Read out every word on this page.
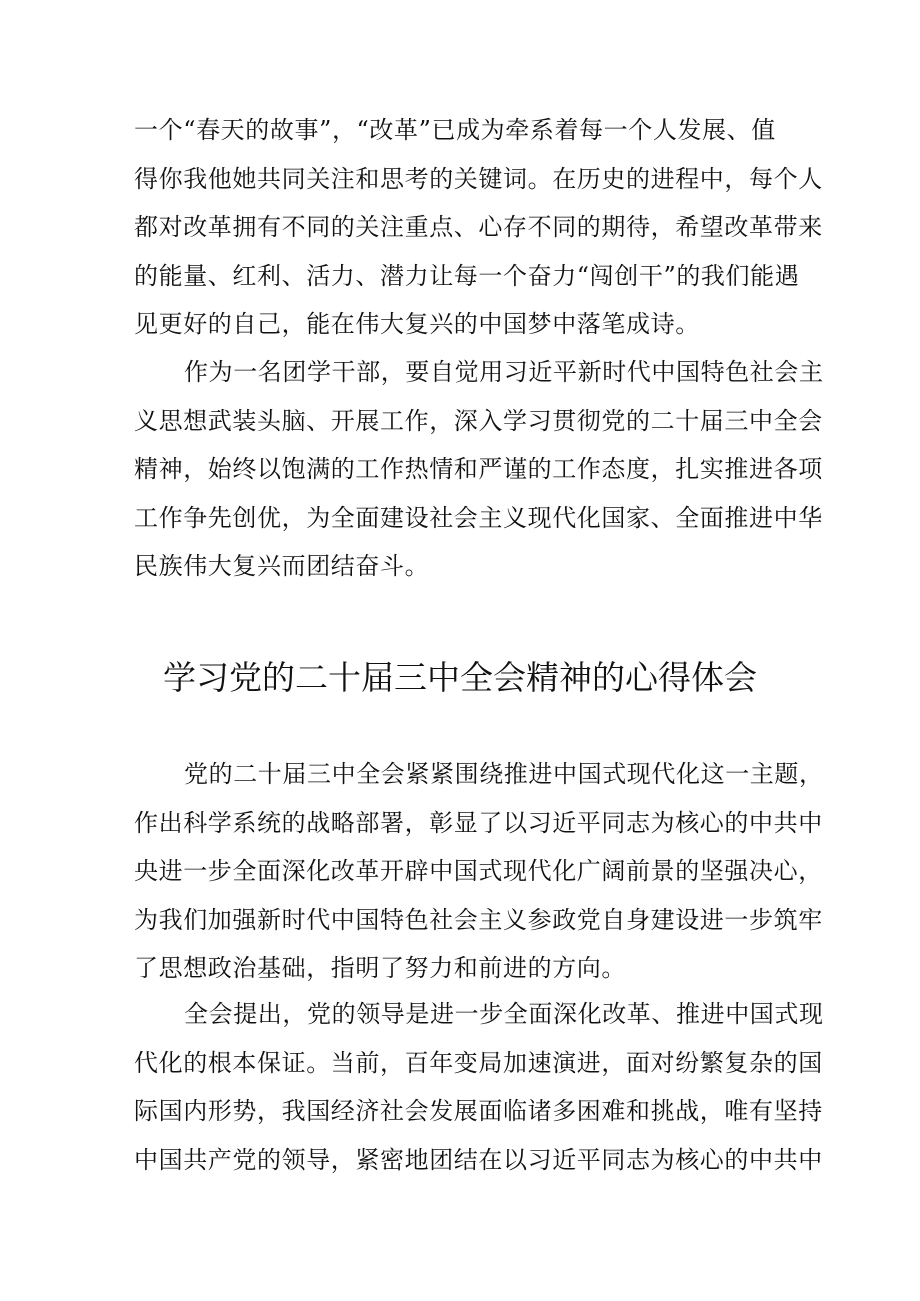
一个“春天的故事”，“改革”已成为牵系着每一个人发展、值
得你我他她共同关注和思考的关键词。在历史的进程中，每个人
都对改革拥有不同的关注重点、心存不同的期待，希望改革带来
的能量、红利、活力、潜力让每一个奋力“闯创干”的我们能遇
见更好的自己，能在伟大复兴的中国梦中落笔成诗。
作为一名团学干部，要自觉用习近平新时代中国特色社会主
义思想武装头脑、开展工作，深入学习贯彻党的二十届三中全会
精神，始终以饱满的工作热情和严谨的工作态度，扎实推进各项
工作争先创优，为全面建设社会主义现代化国家、全面推进中华
民族伟大复兴而团结奋斗。
学习党的二十届三中全会精神的心得体会
党的二十届三中全会紧紧围绕推进中国式现代化这一主题，
作出科学系统的战略部署，彰显了以习近平同志为核心的中共中
央进一步全面深化改革开辟中国式现代化广阔前景的坚强决心，
为我们加强新时代中国特色社会主义参政党自身建设进一步筑牢
了思想政治基础，指明了努力和前进的方向。
全会提出，党的领导是进一步全面深化改革、推进中国式现
代化的根本保证。当前，百年变局加速演进，面对纷繁复杂的国
际国内形势，我国经济社会发展面临诸多困难和挑战，唯有坚持
中国共产党的领导，紧密地团结在以习近平同志为核心的中共中
